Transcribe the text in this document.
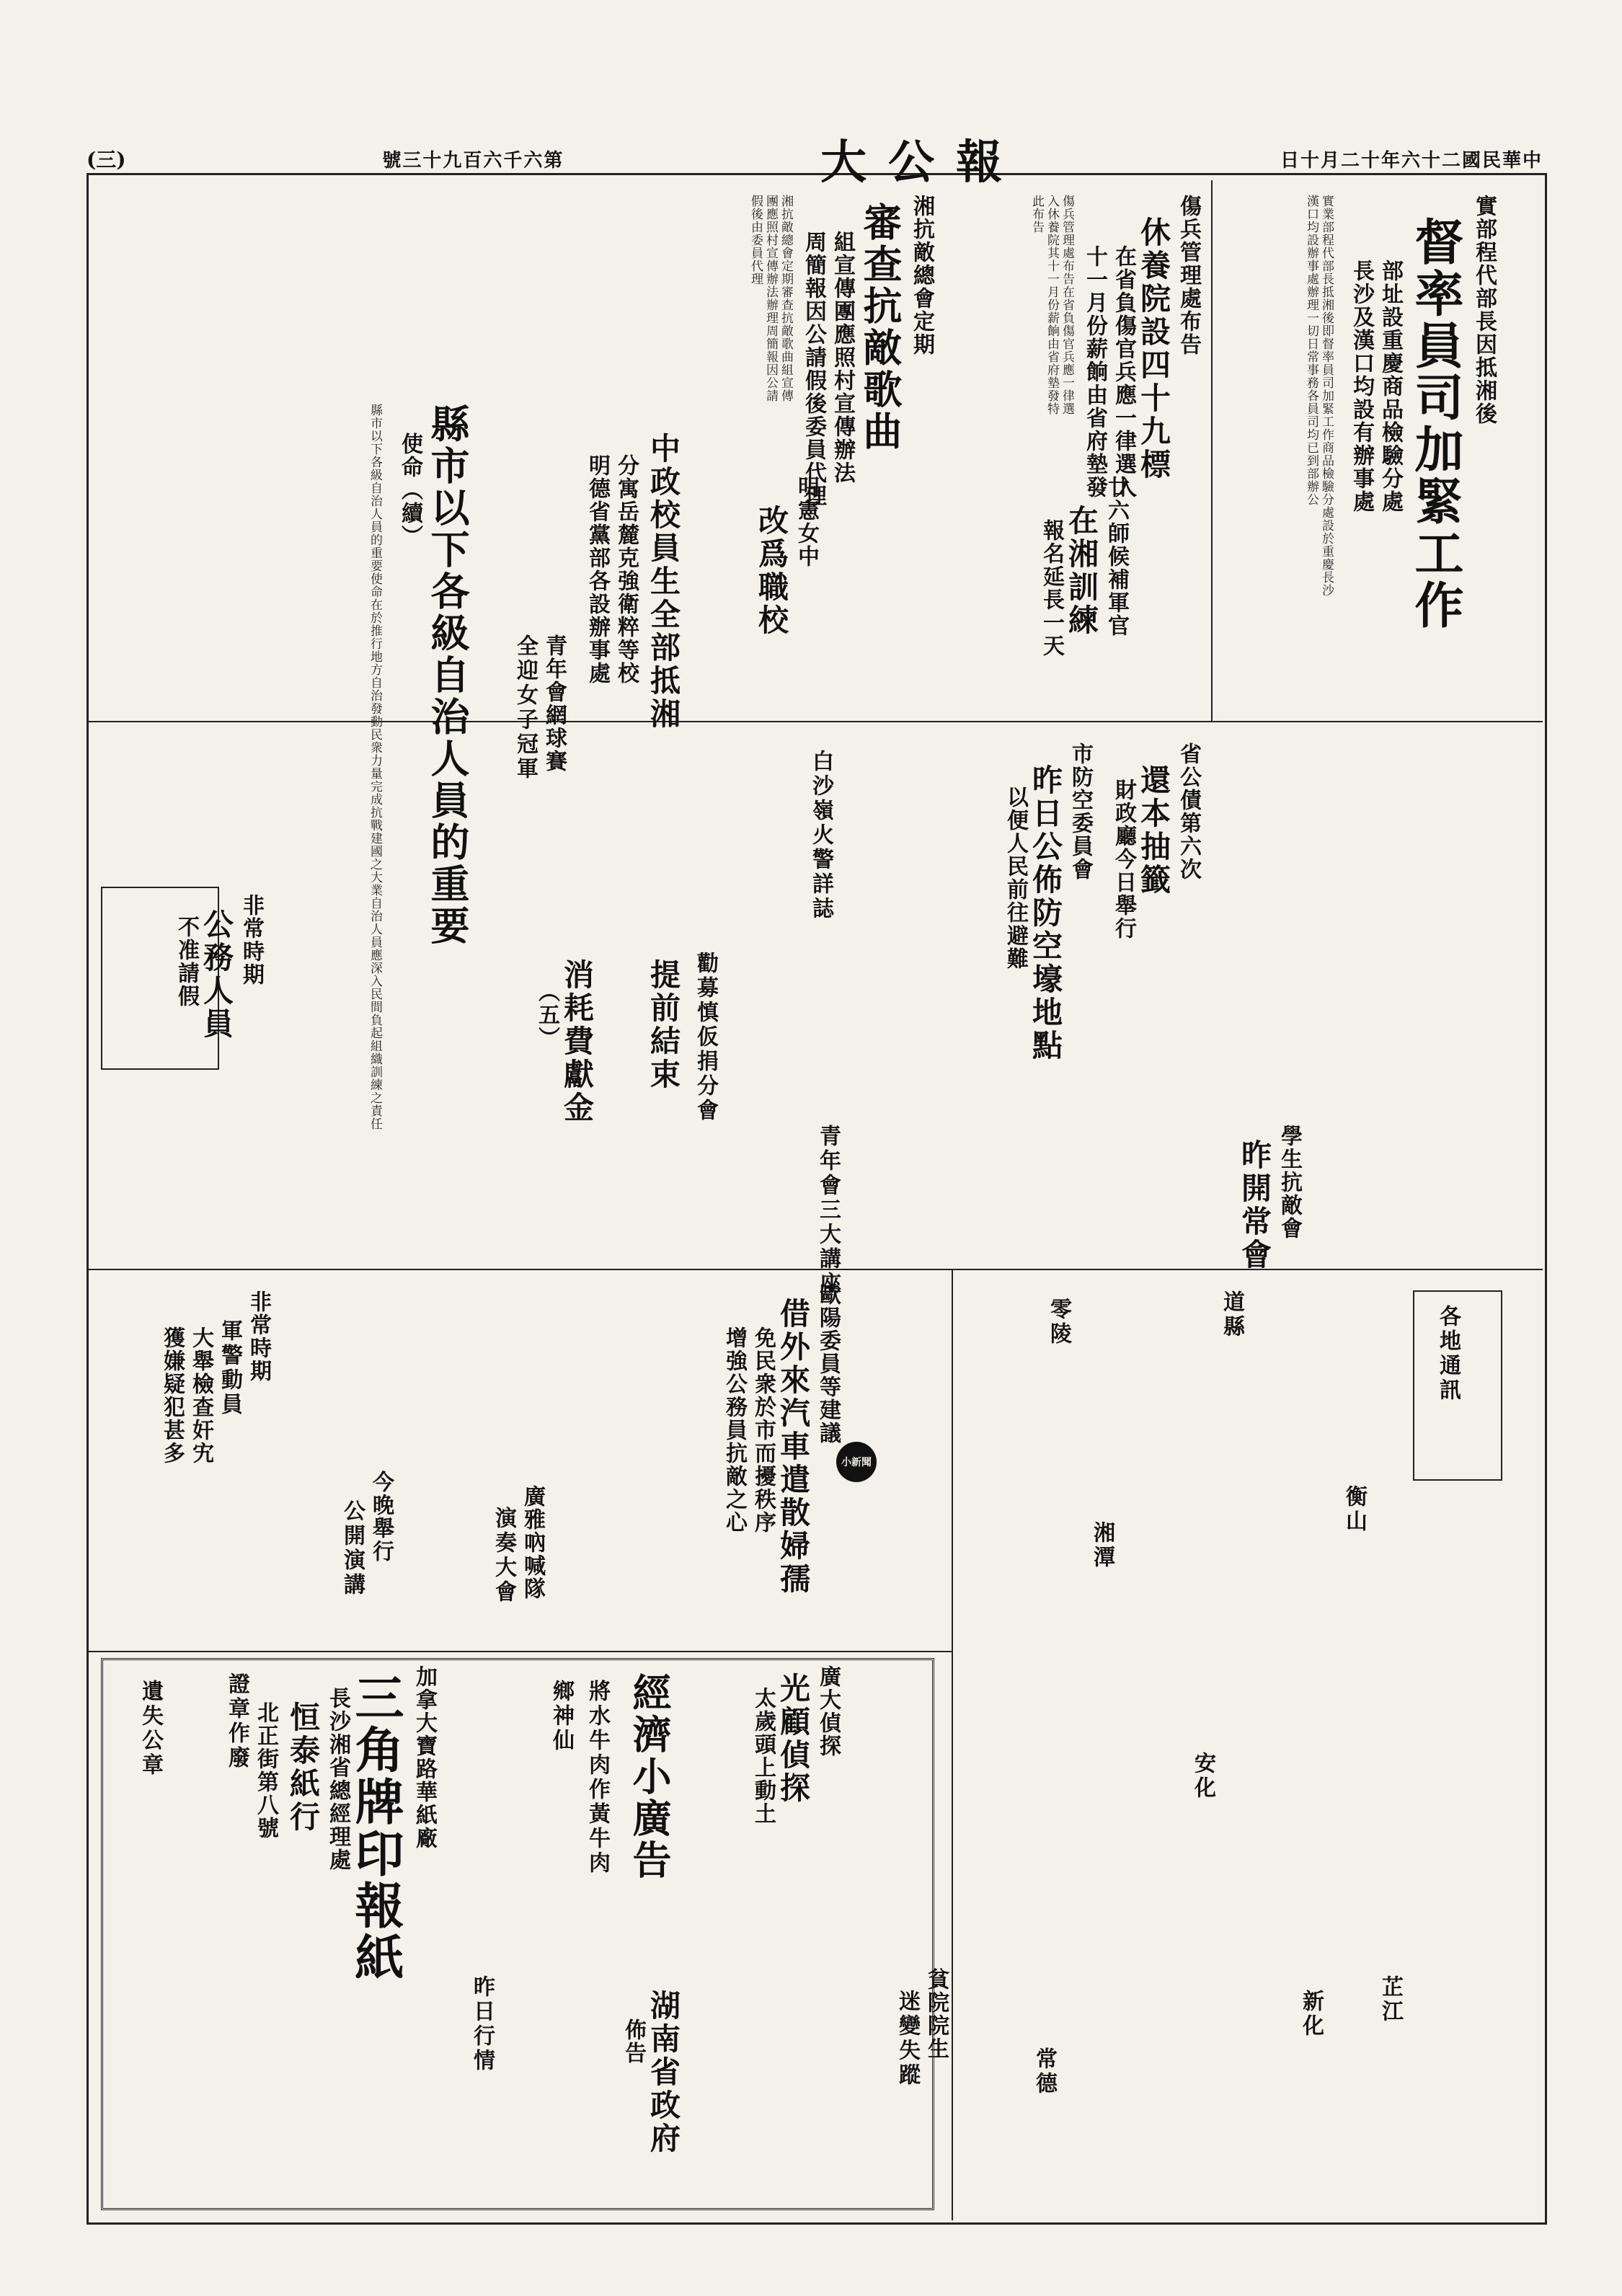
(三)	號三十九百六千六第	大公報	日十月二十年六十二國民華中
實部程代部長因抵湘後
督率員司加緊工作
部址設重慶商品檢驗分處
長沙及漢口均設有辦事處
實業部程代部長抵湘後即督率員司加緊工作商品檢驗分處設於重慶長沙漢口均設辦事處辦理一切日常事務各員司均已到部辦公
傷兵管理處布告
休養院設四十九標
在省負傷官兵應一律選入
十一月份薪餉由省府墊發
傷兵管理處布告在省負傷官兵應一律選入休養院其十一月份薪餉由省府墊發特此布告
湘抗敵總會定期
審查抗敵歌曲
組宣傳團應照村宣傳辦法
周簡報因公請假後委員代理
湘抗敵總會定期審查抗敵歌曲組宣傳團應照村宣傳辦法辦理周簡報因公請假後由委員代理
廿六師候補軍官
在湘訓練
報名延長一天
明憲女中
改爲職校
中政校員生全部抵湘
分寓岳麓克強衛粹等校
明德省黨部各設辦事處
青年會網球賽
全迎女子冠軍
縣市以下各級自治人員的重要
使命（續）
縣市以下各級自治人員的重要使命在於推行地方自治發動民衆力量完成抗戰建國之大業自治人員應深入民間負起組織訓練之責任	省公債第六次
還本抽籤
財政廳今日舉行
市防空委員會
昨日公佈防空壕地點
以便人民前往避難
白沙嶺火警詳誌
勸募慎仮捐分會
提前結束
消耗費獻金
（五）
非常時期
公務人員
不准請假
學生抗敵會
昨開常會
青年會三大講座
各地通訊
道縣
衡山
芷江
零陵
湘潭
安化
新化
常德
歐陽委員等建議
借外來汽車遣散婦孺
免民衆於市而擾秩序
增強公務員抗敵之心	小新聞
非常時期
軍警動員
大舉檢查奸宄
獲嫌疑犯甚多
廣雅吶喊隊
演奏大會
今晚舉行
公開演講
廣大偵探
光顧偵探
太歲頭上動土
湖南省政府
佈告	貧院院生
迷變失蹤
將水牛肉作黃牛肉
鄉神仙 經濟小廣告
加拿大寶路華紙廠
三角牌印報紙
長沙湘省總經理處
恒泰紙行
北正街第八號
證章作廢
遺失公章
昨日行情
